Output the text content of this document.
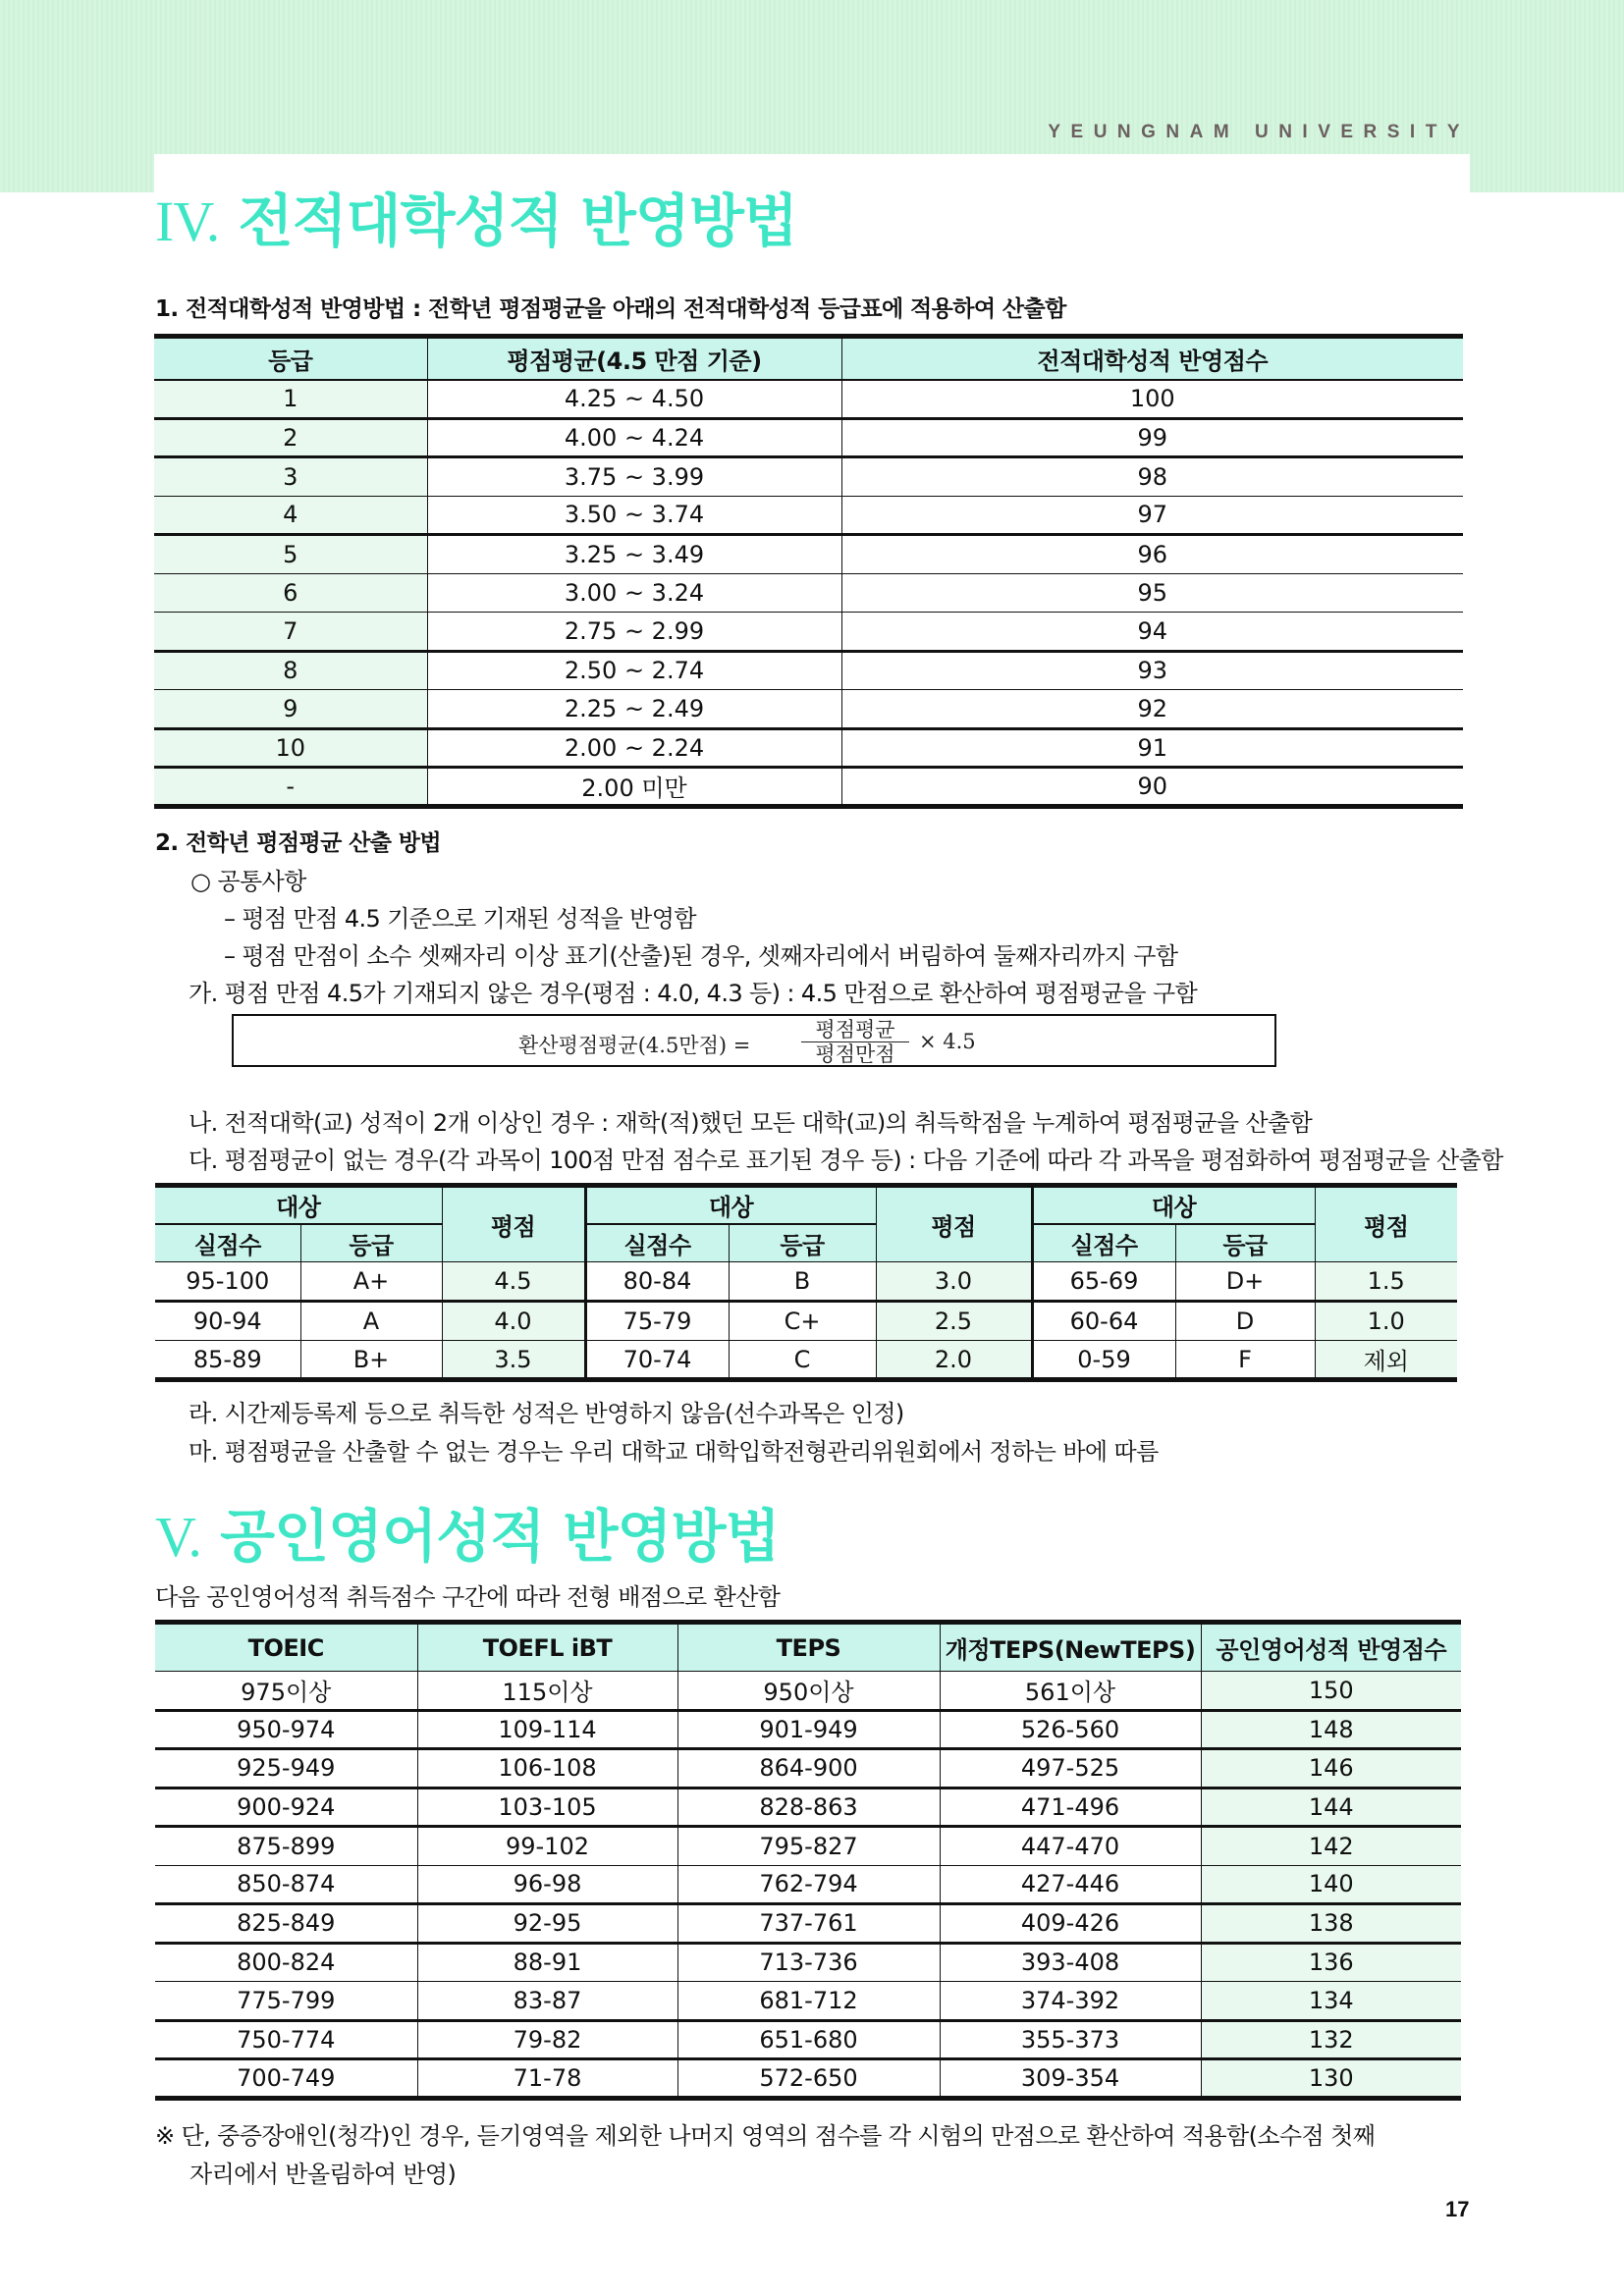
YEUNGNAM UNIVERSITY
IV. 전적대학성적 반영방법
1. 전적대학성적 반영방법 : 전학년 평점평균을 아래의 전적대학성적 등급표에 적용하여 산출함
등급	평점평균(4.5 만점 기준)	전적대학성적 반영점수
1	4.25 ~ 4.50	100
2	4.00 ~ 4.24	99
3	3.75 ~ 3.99	98
4	3.50 ~ 3.74	97
5	3.25 ~ 3.49	96
6	3.00 ~ 3.24	95
7	2.75 ~ 2.99	94
8	2.50 ~ 2.74	93
9	2.25 ~ 2.49	92
10	2.00 ~ 2.24	91
-	2.00 미만	90
2. 전학년 평점평균 산출 방법
○ 공통사항
– 평점 만점 4.5 기준으로 기재된 성적을 반영함
– 평점 만점이 소수 셋째자리 이상 표기(산출)된 경우, 셋째자리에서 버림하여 둘째자리까지 구함
가. 평점 만점 4.5가 기재되지 않은 경우(평점 : 4.0, 4.3 등) : 4.5 만점으로 환산하여 평점평균을 구함
환산평점평균(4.5만점) =
평점평균
평점만점
× 4.5
나. 전적대학(교) 성적이 2개 이상인 경우 : 재학(적)했던 모든 대학(교)의 취득학점을 누계하여 평점평균을 산출함
다. 평점평균이 없는 경우(각 과목이 100점 만점 점수로 표기된 경우 등) : 다음 기준에 따라 각 과목을 평점화하여 평점평균을 산출함
대상		평점	대상		평점	대상		평점
실점수	등급		실점수	등급		실점수	등급	
95-100	A+	4.5	80-84	B	3.0	65-69	D+	1.5
90-94	A	4.0	75-79	C+	2.5	60-64	D	1.0
85-89	B+	3.5	70-74	C	2.0	0-59	F	제외
라. 시간제등록제 등으로 취득한 성적은 반영하지 않음(선수과목은 인정)
마. 평점평균을 산출할 수 없는 경우는 우리 대학교 대학입학전형관리위원회에서 정하는 바에 따름
V. 공인영어성적 반영방법
다음 공인영어성적 취득점수 구간에 따라 전형 배점으로 환산함
TOEIC	TOEFL iBT	TEPS	개정TEPS(NewTEPS)	공인영어성적 반영점수
975이상	115이상	950이상	561이상	150
950-974	109-114	901-949	526-560	148
925-949	106-108	864-900	497-525	146
900-924	103-105	828-863	471-496	144
875-899	99-102	795-827	447-470	142
850-874	96-98	762-794	427-446	140
825-849	92-95	737-761	409-426	138
800-824	88-91	713-736	393-408	136
775-799	83-87	681-712	374-392	134
750-774	79-82	651-680	355-373	132
700-749	71-78	572-650	309-354	130
※ 단, 중증장애인(청각)인 경우, 듣기영역을 제외한 나머지 영역의 점수를 각 시험의 만점으로 환산하여 적용함(소수점 첫째
자리에서 반올림하여 반영)
17
